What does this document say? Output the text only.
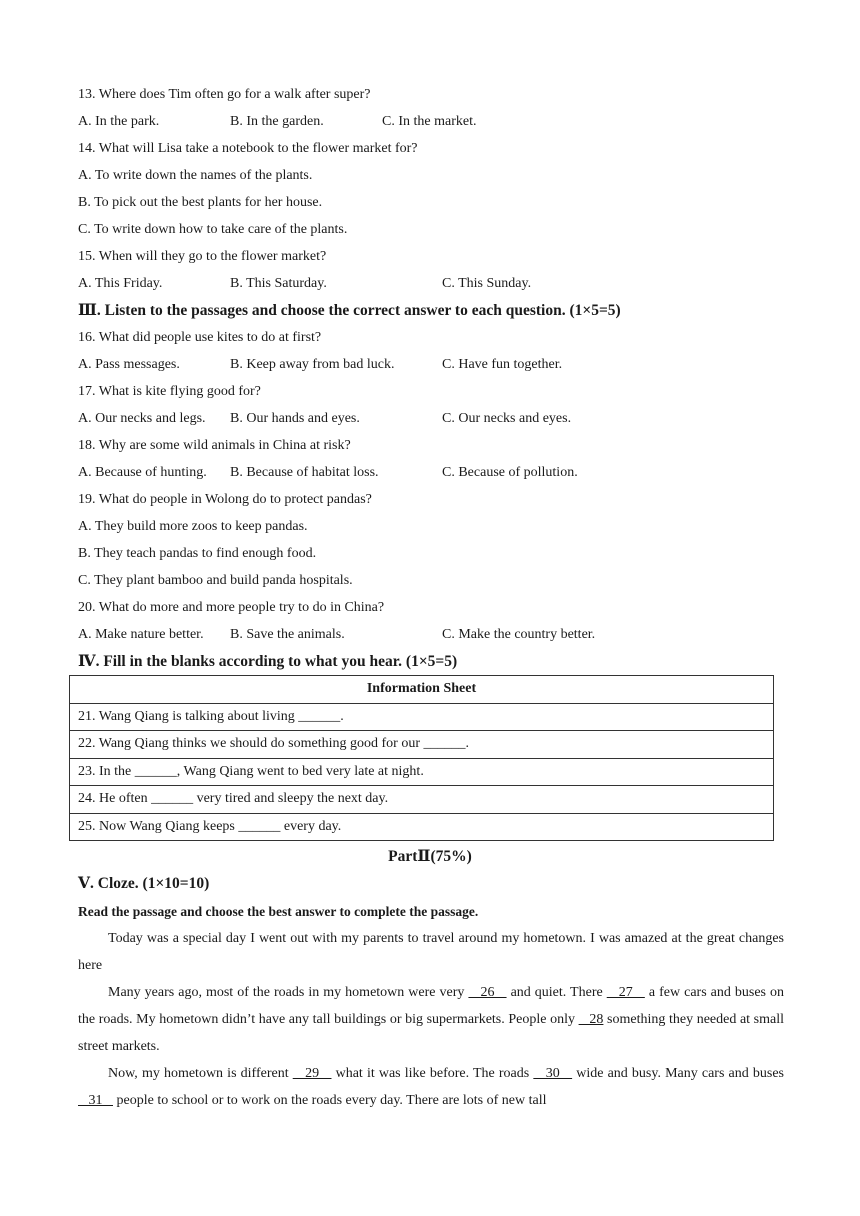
13. Where does Tim often go for a walk after super?
A. In the park.	B. In the garden.	C. In the market.
14. What will Lisa take a notebook to the flower market for?
A. To write down the names of the plants.
B. To pick out the best plants for her house.
C. To write down how to take care of the plants.
15. When will they go to the flower market?
A. This Friday.	B. This Saturday.	C. This Sunday.
Ⅲ. Listen to the passages and choose the correct answer to each question. (1×5=5)
16. What did people use kites to do at first?
A. Pass messages.	B. Keep away from bad luck.	C. Have fun together.
17. What is kite flying good for?
A. Our necks and legs. B. Our hands and eyes.	C. Our necks and eyes.
18. Why are some wild animals in China at risk?
A. Because of hunting. B. Because of habitat loss.	C. Because of pollution.
19. What do people in Wolong do to protect pandas?
A. They build more zoos to keep pandas.
B. They teach pandas to find enough food.
C. They plant bamboo and build panda hospitals.
20. What do more and more people try to do in China?
A. Make nature better. B. Save the animals.	C. Make the country better.
Ⅳ. Fill in the blanks according to what you hear. (1×5=5)
Information Sheet
21. Wang Qiang is talking about living ______.
22. Wang Qiang thinks we should do something good for our ______.
23. In the ______, Wang Qiang went to bed very late at night.
24. He often ______ very tired and sleepy the next day.
25. Now Wang Qiang keeps ______ every day.
PartⅡ(75%)
Ⅴ. Cloze. (1×10=10)
Read the passage and choose the best answer to complete the passage.
Today was a special day I went out with my parents to travel around my hometown. I was amazed at the great changes here
Many years ago, most of the roads in my hometown were very    26    and quiet. There    27    a few cars and buses on the roads. My hometown didn’t have any tall buildings or big supermarkets. People only    28 something they needed at small street markets.
Now, my hometown is different    29    what it was like before. The roads    30    wide and busy. Many cars and buses    31    people to school or to work on the roads every day. There are lots of new tall
